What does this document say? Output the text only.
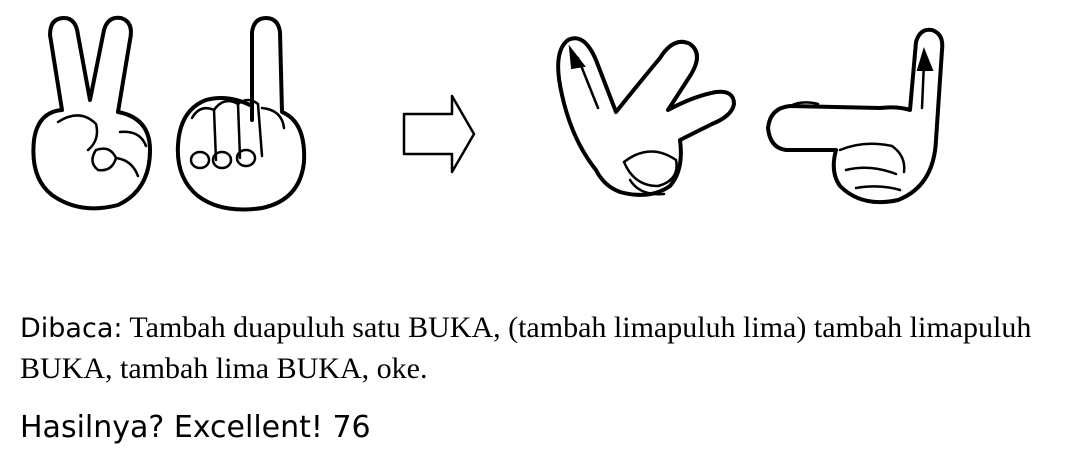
Dibaca: Tambah duapuluh satu BUKA, (tambah limapuluh lima) tambah limapuluh BUKA, tambah lima BUKA, oke.

Hasilnya? Excellent! 76
